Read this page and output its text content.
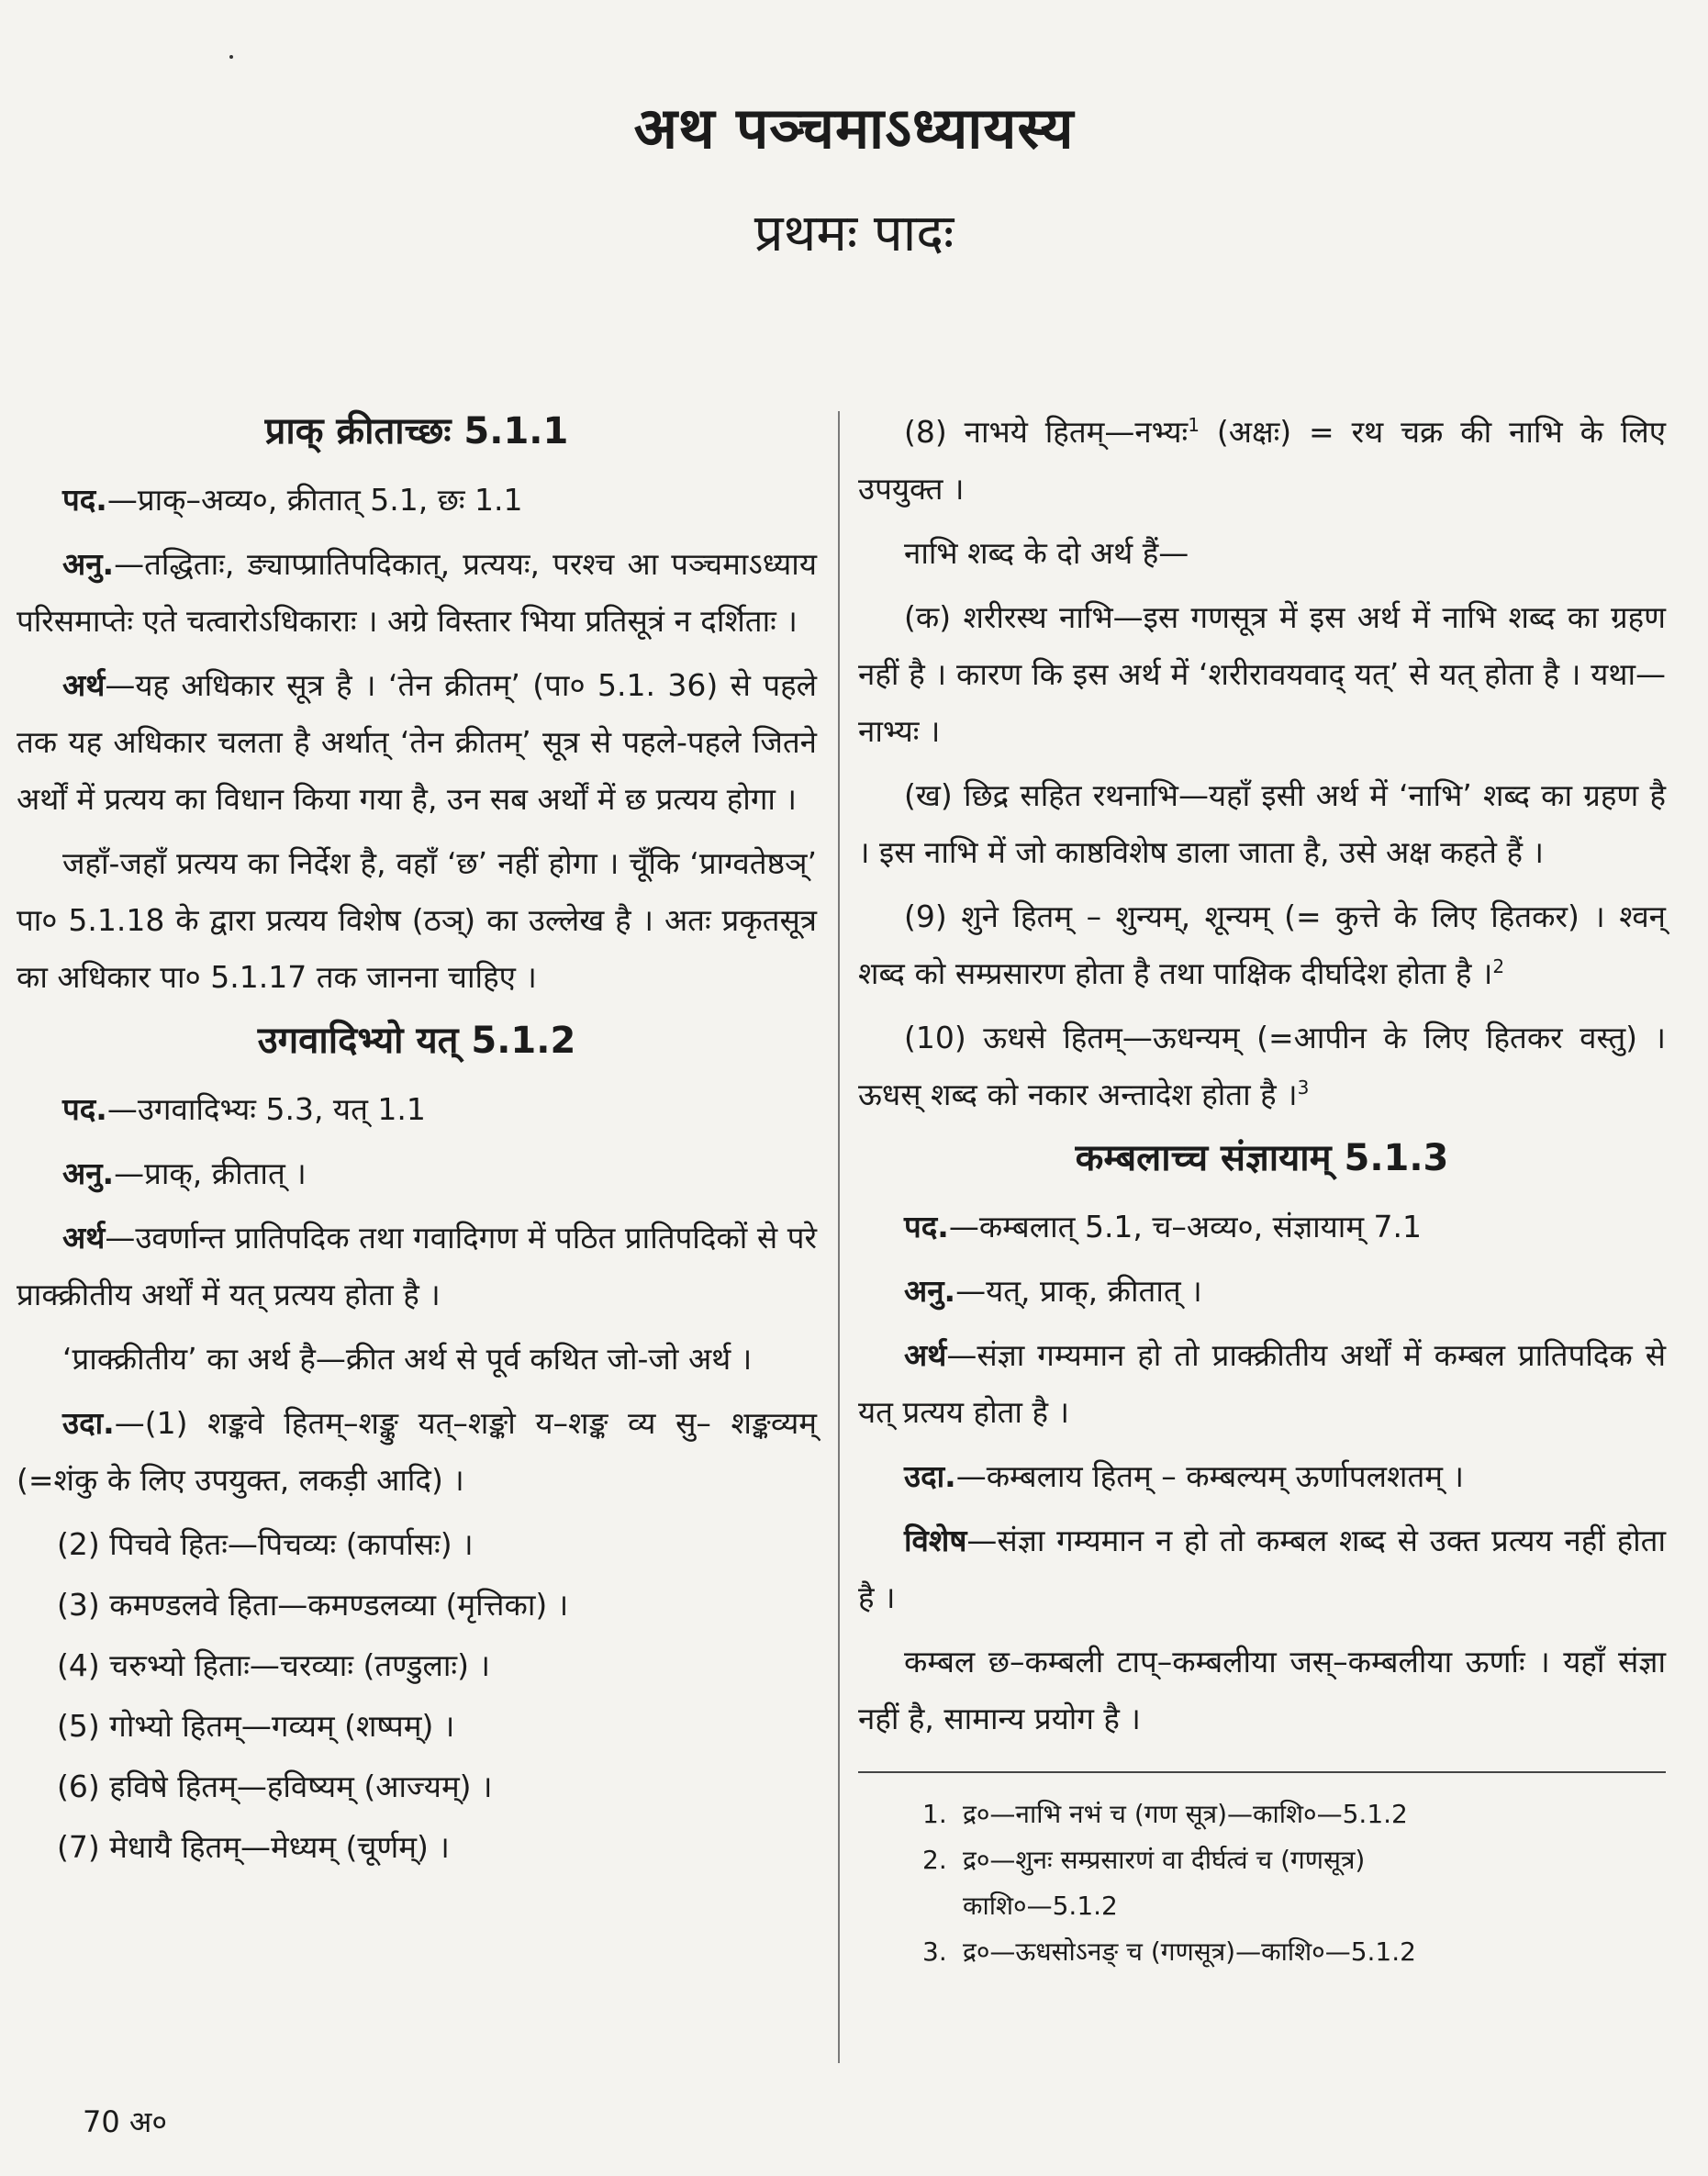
अथ पञ्चमाऽध्यायस्य

प्रथमः पादः

प्राक् क्रीताच्छः 5.1.1

पद.—प्राक्–अव्य०, क्रीतात् 5.1, छः 1.1

अनु.—तद्धिताः, ङ्याप्प्रातिपदिकात्, प्रत्ययः, परश्च आ पञ्चमाऽध्याय परिसमाप्तेः एते चत्वारोऽधिकाराः । अग्रे विस्तार भिया प्रतिसूत्रं न दर्शिताः ।

अर्थ—यह अधिकार सूत्र है । ‘तेन क्रीतम्’ (पा० 5.1. 36) से पहले तक यह अधिकार चलता है अर्थात् ‘तेन क्रीतम्’ सूत्र से पहले-पहले जितने अर्थों में प्रत्यय का विधान किया गया है, उन सब अर्थों में छ प्रत्यय होगा ।

जहाँ-जहाँ प्रत्यय का निर्देश है, वहाँ ‘छ’ नहीं होगा । चूँकि ‘प्राग्वतेष्ठञ्’ पा० 5.1.18 के द्वारा प्रत्यय विशेष (ठञ्) का उल्लेख है । अतः प्रकृतसूत्र का अधिकार पा० 5.1.17 तक जानना चाहिए ।

उगवादिभ्यो यत् 5.1.2

पद.—उगवादिभ्यः 5.3, यत् 1.1

अनु.—प्राक्, क्रीतात् ।

अर्थ—उवर्णान्त प्रातिपदिक तथा गवादिगण में पठित प्रातिपदिकों से परे प्राक्क्रीतीय अर्थों में यत् प्रत्यय होता है ।

‘प्राक्क्रीतीय’ का अर्थ है—क्रीत अर्थ से पूर्व कथित जो-जो अर्थ ।

उदा.—(1) शङ्कवे हितम्–शङ्कु यत्–शङ्को य–शङ्क व्य सु– शङ्कव्यम् (=शंकु के लिए उपयुक्त, लकड़ी आदि) ।

(2) पिचवे हितः—पिचव्यः (कार्पासः) ।

(3) कमण्डलवे हिता—कमण्डलव्या (मृत्तिका) ।

(4) चरुभ्यो हिताः—चरव्याः (तण्डुलाः) ।

(5) गोभ्यो हितम्—गव्यम् (शष्पम्) ।

(6) हविषे हितम्—हविष्यम् (आज्यम्) ।

(7) मेधायै हितम्—मेध्यम् (चूर्णम्) ।

(8) नाभये हितम्—नभ्यः$^1$ (अक्षः) = रथ चक्र की नाभि के लिए उपयुक्त ।

नाभि शब्द के दो अर्थ हैं—

(क) शरीरस्थ नाभि—इस गणसूत्र में इस अर्थ में नाभि शब्द का ग्रहण नहीं है । कारण कि इस अर्थ में ‘शरीरावयवाद् यत्’ से यत् होता है । यथा—नाभ्यः ।

(ख) छिद्र सहित रथनाभि—यहाँ इसी अर्थ में ‘नाभि’ शब्द का ग्रहण है । इस नाभि में जो काष्ठविशेष डाला जाता है, उसे अक्ष कहते हैं ।

(9) शुने हितम् – शुन्यम्, शून्यम् (= कुत्ते के लिए हितकर) । श्वन् शब्द को सम्प्रसारण होता है तथा पाक्षिक दीर्घादेश होता है ।$^2$

(10) ऊधसे हितम्—ऊधन्यम् (=आपीन के लिए हितकर वस्तु) । ऊधस् शब्द को नकार अन्तादेश होता है ।$^3$

कम्बलाच्च संज्ञायाम् 5.1.3

पद.—कम्बलात् 5.1, च–अव्य०, संज्ञायाम् 7.1

अनु.—यत्, प्राक्, क्रीतात् ।

अर्थ—संज्ञा गम्यमान हो तो प्राक्क्रीतीय अर्थों में कम्बल प्रातिपदिक से यत् प्रत्यय होता है ।

उदा.—कम्बलाय हितम् – कम्बल्यम् ऊर्णापलशतम् ।

विशेष—संज्ञा गम्यमान न हो तो कम्बल शब्द से उक्त प्रत्यय नहीं होता है ।

कम्बल छ–कम्बली टाप्–कम्बलीया जस्–कम्बलीया ऊर्णाः । यहाँ संज्ञा नहीं है, सामान्य प्रयोग है ।

1. द्र०—नाभि नभं च (गण सूत्र)—काशि०—5.1.2

2. द्र०—शुनः सम्प्रसारणं वा दीर्घत्वं च (गणसूत्र)

काशि०—5.1.2

3. द्र०—ऊधसोऽनङ् च (गणसूत्र)—काशि०—5.1.2

70 अ०
